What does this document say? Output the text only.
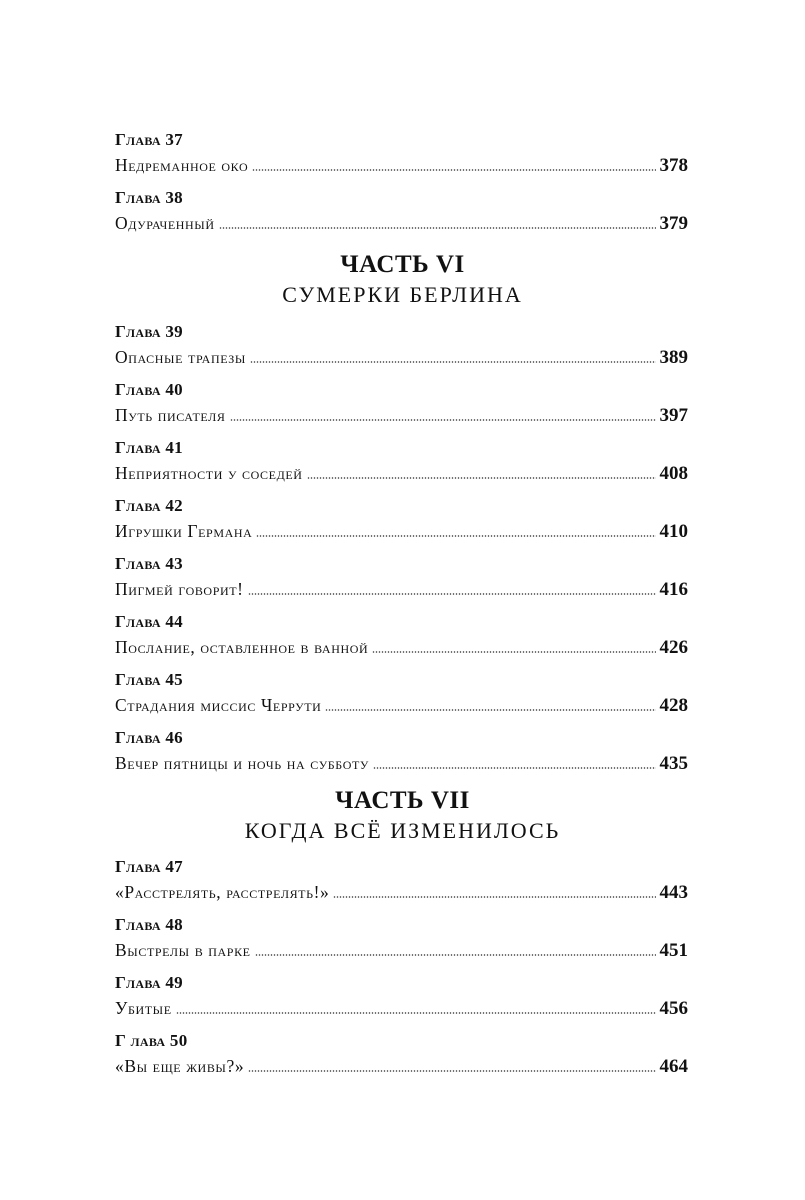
Глава 37
Недреманное око	378
Глава 38
Одураченный	379
ЧАСТЬ VI
СУМЕРКИ БЕРЛИНА
Глава 39
Опасные трапезы	389
Глава 40
Путь писателя	397
Глава 41
Неприятности у соседей	408
Глава 42
Игрушки Германа	410
Глава 43
Пигмей говорит!	416
Глава 44
Послание, оставленное в ванной	426
Глава 45
Страдания миссис Черрути	428
Глава 46
Вечер пятницы и ночь на субботу	435
ЧАСТЬ VII
КОГДА ВСЁ ИЗМЕНИЛОСЬ
Глава 47
«Расстрелять, расстрелять!»	443
Глава 48
Выстрелы в парке	451
Глава 49
Убитые	456
Г лава 50
«Вы еще живы?»	464
